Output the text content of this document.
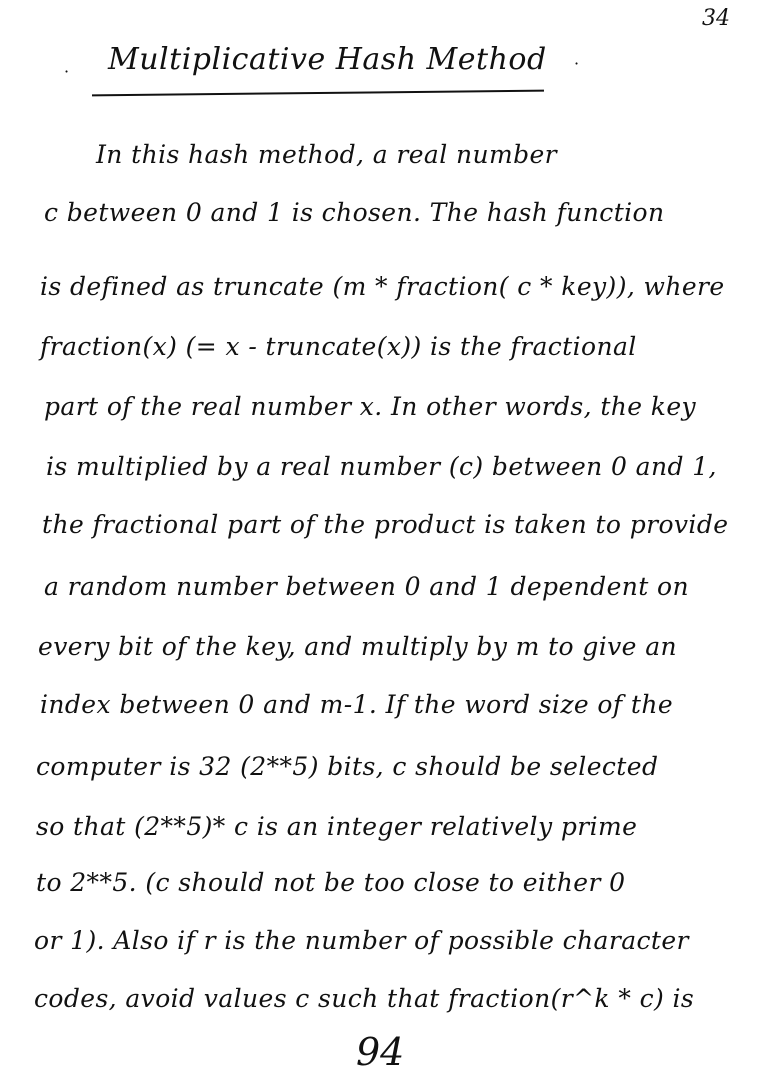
34
· Multiplicative Hash Method ·
In this hash method, a real number
c between 0 and 1 is chosen. The hash function
is defined as truncate (m * fraction( c * key)), where
fraction(x) (= x - truncate(x)) is the fractional
part of the real number x. In other words, the key
is multiplied by a real number (c) between 0 and 1,
the fractional part of the product is taken to provide
a random number between 0 and 1 dependent on
every bit of the key, and multiply by m to give an
index between 0 and m-1. If the word size of the
computer is 32 (2**5) bits, c should be selected
so that (2**5)* c is an integer relatively prime
to 2**5. (c should not be too close to either 0
or 1). Also if r is the number of possible character
codes, avoid values c such that fraction(r^k * c) is
94
